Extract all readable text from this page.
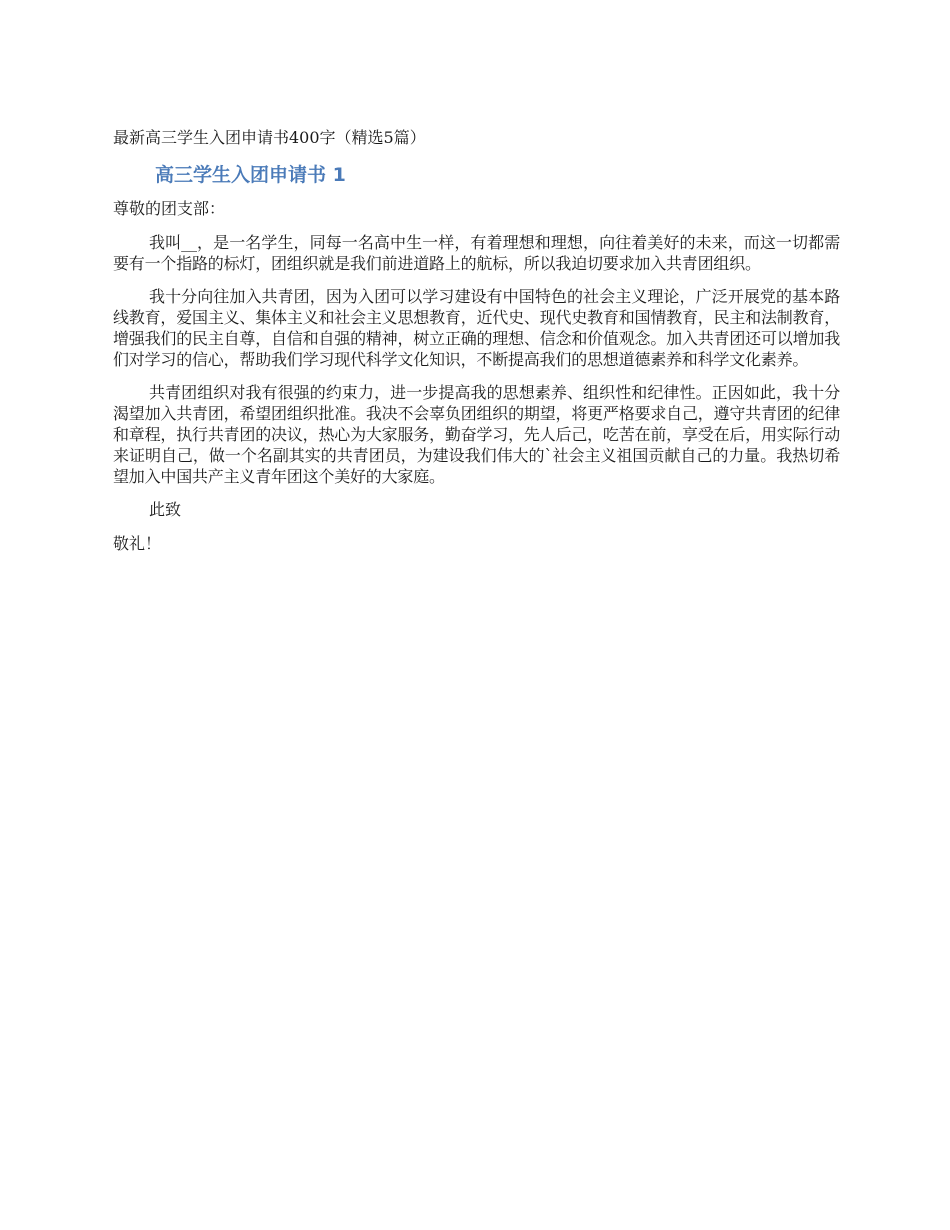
最新高三学生入团申请书400字（精选5篇）
高三学生入团申请书 1
尊敬的团支部：

我叫__，是一名学生，同每一名高中生一样，有着理想和理想，向往着美好的未来，而这一切都需要有一个指路的标灯，团组织就是我们前进道路上的航标，所以我迫切要求加入共青团组织。

我十分向往加入共青团，因为入团可以学习建设有中国特色的社会主义理论，广泛开展党的基本路线教育，爱国主义、集体主义和社会主义思想教育，近代史、现代史教育和国情教育，民主和法制教育，增强我们的民主自尊，自信和自强的精神，树立正确的理想、信念和价值观念。加入共青团还可以增加我们对学习的信心，帮助我们学习现代科学文化知识，不断提高我们的思想道德素养和科学文化素养。

共青团组织对我有很强的约束力，进一步提高我的思想素养、组织性和纪律性。正因如此，我十分渴望加入共青团，希望团组织批准。我决不会辜负团组织的期望，将更严格要求自己，遵守共青团的纪律和章程，执行共青团的决议，热心为大家服务，勤奋学习，先人后己，吃苦在前，享受在后，用实际行动来证明自己，做一个名副其实的共青团员，为建设我们伟大的`社会主义祖国贡献自己的力量。我热切希望加入中国共产主义青年团这个美好的大家庭。

此致
敬礼！
